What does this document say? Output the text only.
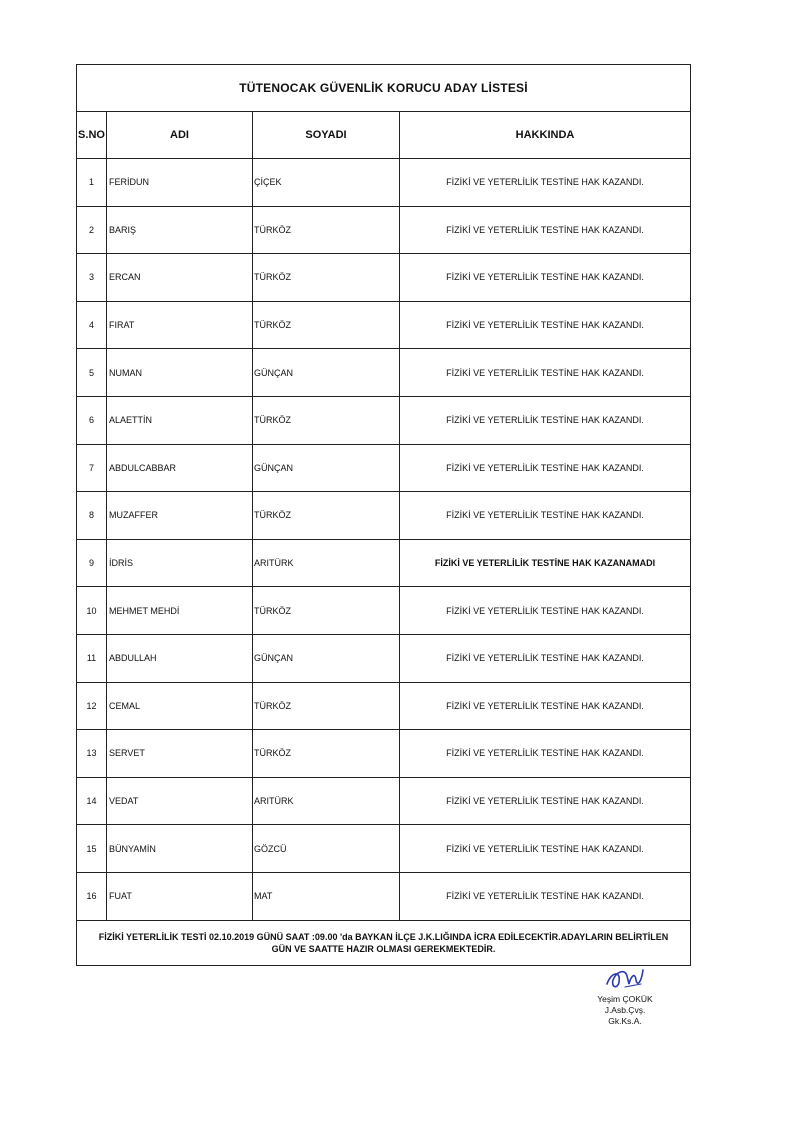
TÜTENOCAK GÜVENLİK KORUCU ADAY LİSTESİ			
S.NO	ADI	SOYADI	HAKKINDA
1	FERİDUN	ÇİÇEK	FİZİKİ VE YETERLİLİK TESTİNE HAK KAZANDI.
2	BARIŞ	TÜRKÖZ	FİZİKİ VE YETERLİLİK TESTİNE HAK KAZANDI.
3	ERCAN	TÜRKÖZ	FİZİKİ VE YETERLİLİK TESTİNE HAK KAZANDI.
4	FIRAT	TÜRKÖZ	FİZİKİ VE YETERLİLİK TESTİNE HAK KAZANDI.
5	NUMAN	GÜNÇAN	FİZİKİ VE YETERLİLİK TESTİNE HAK KAZANDI.
6	ALAETTİN	TÜRKÖZ	FİZİKİ VE YETERLİLİK TESTİNE HAK KAZANDI.
7	ABDULCABBAR	GÜNÇAN	FİZİKİ VE YETERLİLİK TESTİNE HAK KAZANDI.
8	MUZAFFER	TÜRKÖZ	FİZİKİ VE YETERLİLİK TESTİNE HAK KAZANDI.
9	İDRİS	ARITÜRK	FİZİKİ VE YETERLİLİK TESTİNE HAK KAZANAMADI
10	MEHMET MEHDİ	TÜRKÖZ	FİZİKİ VE YETERLİLİK TESTİNE HAK KAZANDI.
11	ABDULLAH	GÜNÇAN	FİZİKİ VE YETERLİLİK TESTİNE HAK KAZANDI.
12	CEMAL	TÜRKÖZ	FİZİKİ VE YETERLİLİK TESTİNE HAK KAZANDI.
13	SERVET	TÜRKÖZ	FİZİKİ VE YETERLİLİK TESTİNE HAK KAZANDI.
14	VEDAT	ARITÜRK	FİZİKİ VE YETERLİLİK TESTİNE HAK KAZANDI.
15	BÜNYAMİN	GÖZCÜ	FİZİKİ VE YETERLİLİK TESTİNE HAK KAZANDI.
16	FUAT	MAT	FİZİKİ VE YETERLİLİK TESTİNE HAK KAZANDI.

FİZİKİ YETERLİLİK TESTİ 02.10.2019 GÜNÜ SAAT :09.00 'da BAYKAN İLÇE J.K.LIĞINDA İCRA EDİLECEKTİR.ADAYLARIN BELİRTİLEN
GÜN VE SAATTE HAZIR OLMASI GEREKMEKTEDİR.			
Yeşim ÇOKÜK
J.Asb.Çvş.
Gk.Ks.A.
